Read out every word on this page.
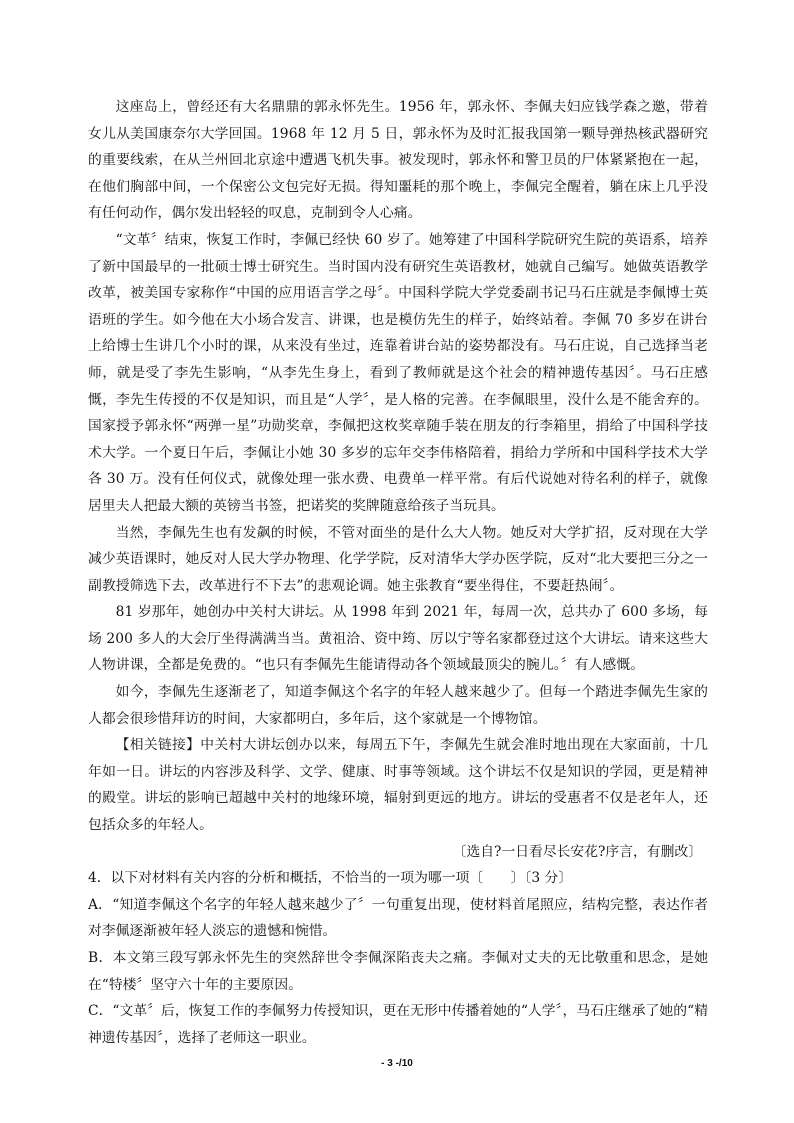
这座岛上，曾经还有大名鼎鼎的郭永怀先生。1956 年，郭永怀、李佩夫妇应钱学森之邀，带着女儿从美国康奈尔大学回国。1968 年 12 月 5 日，郭永怀为及时汇报我国第一颗导弹热核武器研究的重要线索，在从兰州回北京途中遭遇飞机失事。被发现时，郭永怀和警卫员的尸体紧紧抱在一起，在他们胸部中间，一个保密公文包完好无损。得知噩耗的那个晚上，李佩完全醒着，躺在床上几乎没有任何动作，偶尔发出轻轻的叹息，克制到令人心痛。

“文革〞结束，恢复工作时，李佩已经快 60 岁了。她筹建了中国科学院研究生院的英语系，培养了新中国最早的一批硕士博士研究生。当时国内没有研究生英语教材，她就自己编写。她做英语教学改革，被美国专家称作“中国的应用语言学之母〞。中国科学院大学党委副书记马石庄就是李佩博士英语班的学生。如今他在大小场合发言、讲课，也是模仿先生的样子，始终站着。李佩 70 多岁在讲台上给博士生讲几个小时的课，从来没有坐过，连靠着讲台站的姿势都没有。马石庄说，自己选择当老师，就是受了李先生影响，“从李先生身上，看到了教师就是这个社会的精神遗传基因〞。马石庄感慨，李先生传授的不仅是知识，而且是“人学〞，是人格的完善。在李佩眼里，没什么是不能舍弃的。国家授予郭永怀“两弹一星”功勋奖章，李佩把这枚奖章随手装在朋友的行李箱里，捐给了中国科学技术大学。一个夏日午后，李佩让小她 30 多岁的忘年交李伟格陪着，捐给力学所和中国科学技术大学各 30 万。没有任何仪式，就像处理一张水费、电费单一样平常。有后代说她对待名利的样子，就像居里夫人把最大额的英镑当书签，把诺奖的奖牌随意给孩子当玩具。

当然，李佩先生也有发飙的时候，不管对面坐的是什么大人物。她反对大学扩招，反对现在大学减少英语课时，她反对人民大学办物理、化学学院，反对清华大学办医学院，反对“北大要把三分之一副教授筛选下去，改革进行不下去”的悲观论调。她主张教育“要坐得住，不要赶热闹〞。

81 岁那年，她创办中关村大讲坛。从 1998 年到 2021 年，每周一次，总共办了 600 多场，每场 200 多人的大会厅坐得满满当当。黄祖洽、资中筠、厉以宁等名家都登过这个大讲坛。请来这些大人物讲课，全都是免费的。“也只有李佩先生能请得动各个领域最顶尖的腕儿。〞有人感慨。

如今，李佩先生逐渐老了，知道李佩这个名字的年轻人越来越少了。但每一个踏进李佩先生家的人都会很珍惜拜访的时间，大家都明白，多年后，这个家就是一个博物馆。

【相关链接】中关村大讲坛创办以来，每周五下午，李佩先生就会准时地出现在大家面前，十几年如一日。讲坛的内容涉及科学、文学、健康、时事等领域。这个讲坛不仅是知识的学园，更是精神的殿堂。讲坛的影响已超越中关村的地缘环境，辐射到更远的地方。讲坛的受惠者不仅是老年人，还包括众多的年轻人。

〔选自?一日看尽长安花?序言，有删改〕

4．以下对材料有关内容的分析和概括，不恰当的一项为哪一项〔　　〕〔3 分〕

A．“知道李佩这个名字的年轻人越来越少了〞一句重复出现，使材料首尾照应，结构完整，表达作者对李佩逐渐被年轻人淡忘的遗憾和惋惜。

B．本文第三段写郭永怀先生的突然辞世令李佩深陷丧夫之痛。李佩对丈夫的无比敬重和思念，是她在“特楼〞坚守六十年的主要原因。

C．“文革〞后，恢复工作的李佩努力传授知识，更在无形中传播着她的“人学〞，马石庄继承了她的“精神遗传基因〞，选择了老师这一职业。

- 3 -/10
